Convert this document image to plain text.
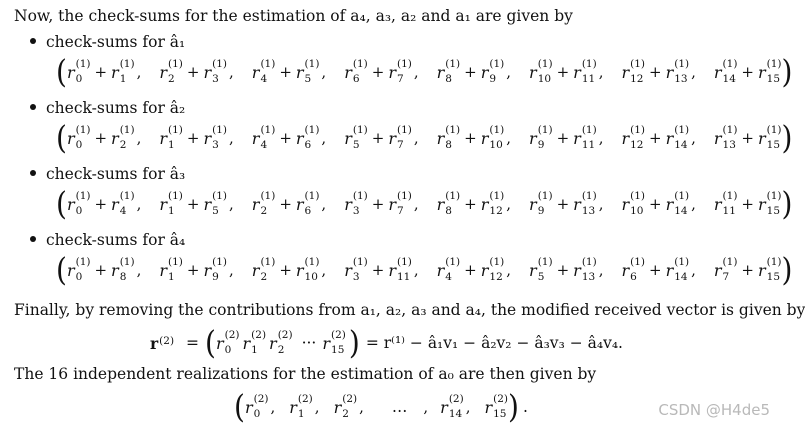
Now, the check-sums for the estimation of a₄, a₃, a₂ and a₁ are given by
check-sums for â₁
( r (1)
0 + r (1)
1 , r (1)
2 + r (1)
3 , r (1)
4 + r (1)
5 , r (1)
6 + r (1)
7 , r (1)
8 + r (1)
9 , r (1)
10 + r (1)
11 , r (1)
12 + r (1)
13 , r (1)
14 + r (1)
15 )
check-sums for â₂
( r (1)
0 + r (1)
2 , r (1)
1 + r (1)
3 , r (1)
4 + r (1)
6 , r (1)
5 + r (1)
7 , r (1)
8 + r (1)
10 , r (1)
9 + r (1)
11 , r (1)
12 + r (1)
14 , r (1)
13 + r (1)
15 )
check-sums for â₃
( r (1)
0 + r (1)
4 , r (1)
1 + r (1)
5 , r (1)
2 + r (1)
6 , r (1)
3 + r (1)
7 , r (1)
8 + r (1)
12 , r (1)
9 + r (1)
13 , r (1)
10 + r (1)
14 , r (1)
11 + r (1)
15 )
check-sums for â₄
( r (1)
0 + r (1)
8 , r (1)
1 + r (1)
9 , r (1)
2 + r (1)
10 , r (1)
3 + r (1)
11 , r (1)
4 + r (1)
12 , r (1)
5 + r (1)
13 , r (1)
6 + r (1)
14 , r (1)
7 + r (1)
15 )
Finally, by removing the contributions from a₁, a₂, a₃ and a₄, the modified received vector is given by
r (2) = ( r (2)
0 r (2)
1 r (2)
2	··· r (2)
15 ) = r⁽¹⁾ − â₁v₁ − â₂v₂ − â₃v₃ − â₄v₄.
The 16 independent realizations for the estimation of a₀ are then given by
( r (2)
0 , r (2)
1 , r (2)
2 , … , r (2)
14 , r (2)
15 ) .	CSDN @H4de5
